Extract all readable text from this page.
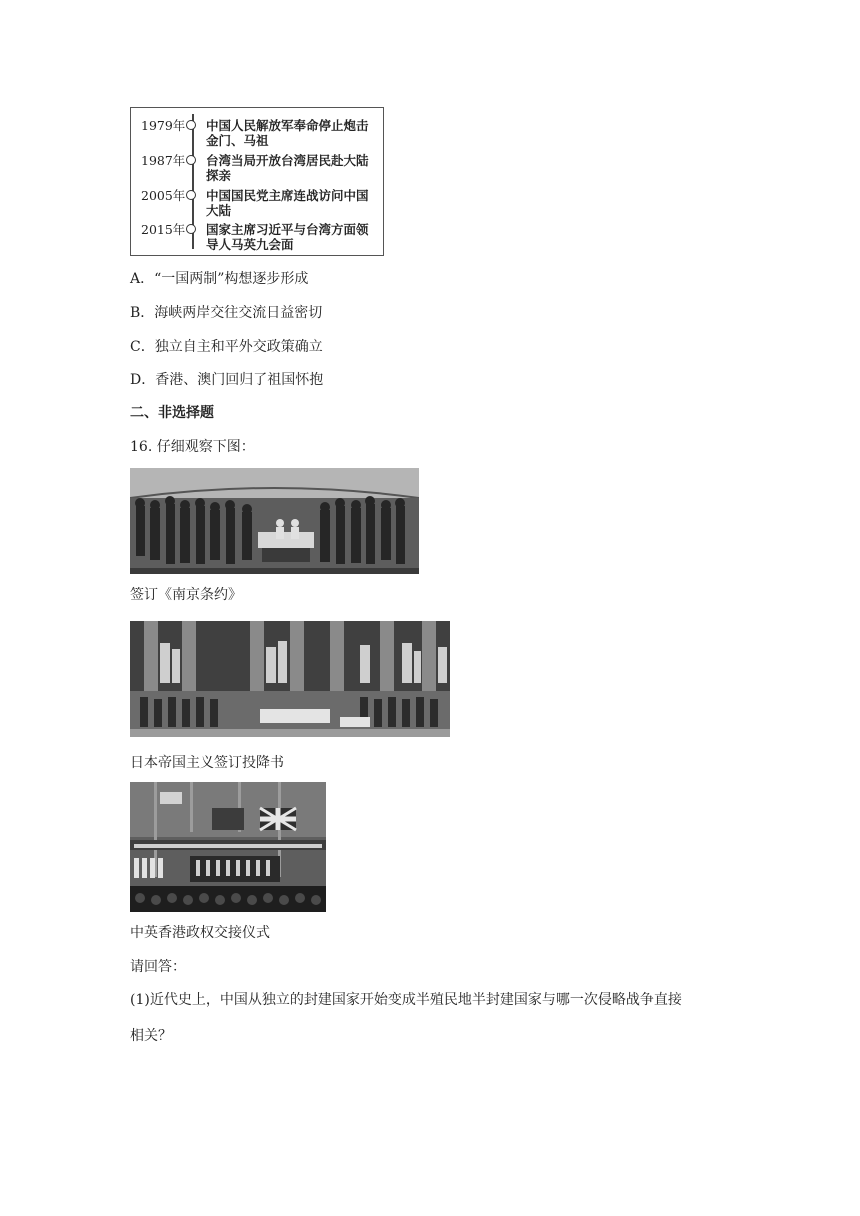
1979年 中国人民解放军奉命停止炮击金门、马祖
1987年 台湾当局开放台湾居民赴大陆探亲
2005年 中国国民党主席连战访问中国大陆
2015年 国家主席习近平与台湾方面领导人马英九会面
A．“一国两制”构想逐步形成
B．海峡两岸交往交流日益密切
C．独立自主和平外交政策确立
D．香港、澳门回归了祖国怀抱
二、非选择题
16. 仔细观察下图：
签订《南京条约》
日本帝国主义签订投降书
中英香港政权交接仪式
请回答：
(1)近代史上，中国从独立的封建国家开始变成半殖民地半封建国家与哪一次侵略战争直接
相关？
